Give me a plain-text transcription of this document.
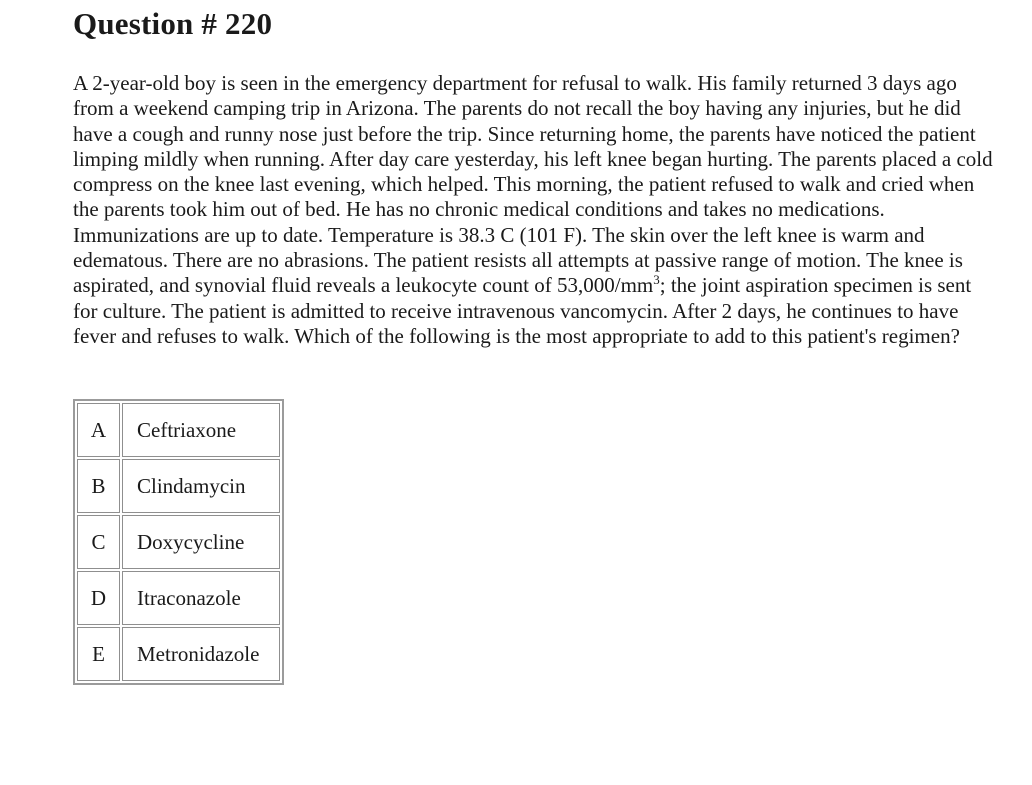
Question # 220

A 2-year-old boy is seen in the emergency department for refusal to walk. His family returned 3 days ago from a weekend camping trip in Arizona. The parents do not recall the boy having any injuries, but he did have a cough and runny nose just before the trip. Since returning home, the parents have noticed the patient limping mildly when running. After day care yesterday, his left knee began hurting. The parents placed a cold compress on the knee last evening, which helped. This morning, the patient refused to walk and cried when the parents took him out of bed. He has no chronic medical conditions and takes no medications. Immunizations are up to date. Temperature is 38.3 C (101 F). The skin over the left knee is warm and edematous. There are no abrasions. The patient resists all attempts at passive range of motion. The knee is aspirated, and synovial fluid reveals a leukocyte count of $53,000/mm^3$; the joint aspiration specimen is sent for culture. The patient is admitted to receive intravenous vancomycin. After 2 days, he continues to have fever and refuses to walk. Which of the following is the most appropriate to add to this patient's regimen?

A	Ceftriaxone
B	Clindamycin
C	Doxycycline
D	Itraconazole
E	Metronidazole
